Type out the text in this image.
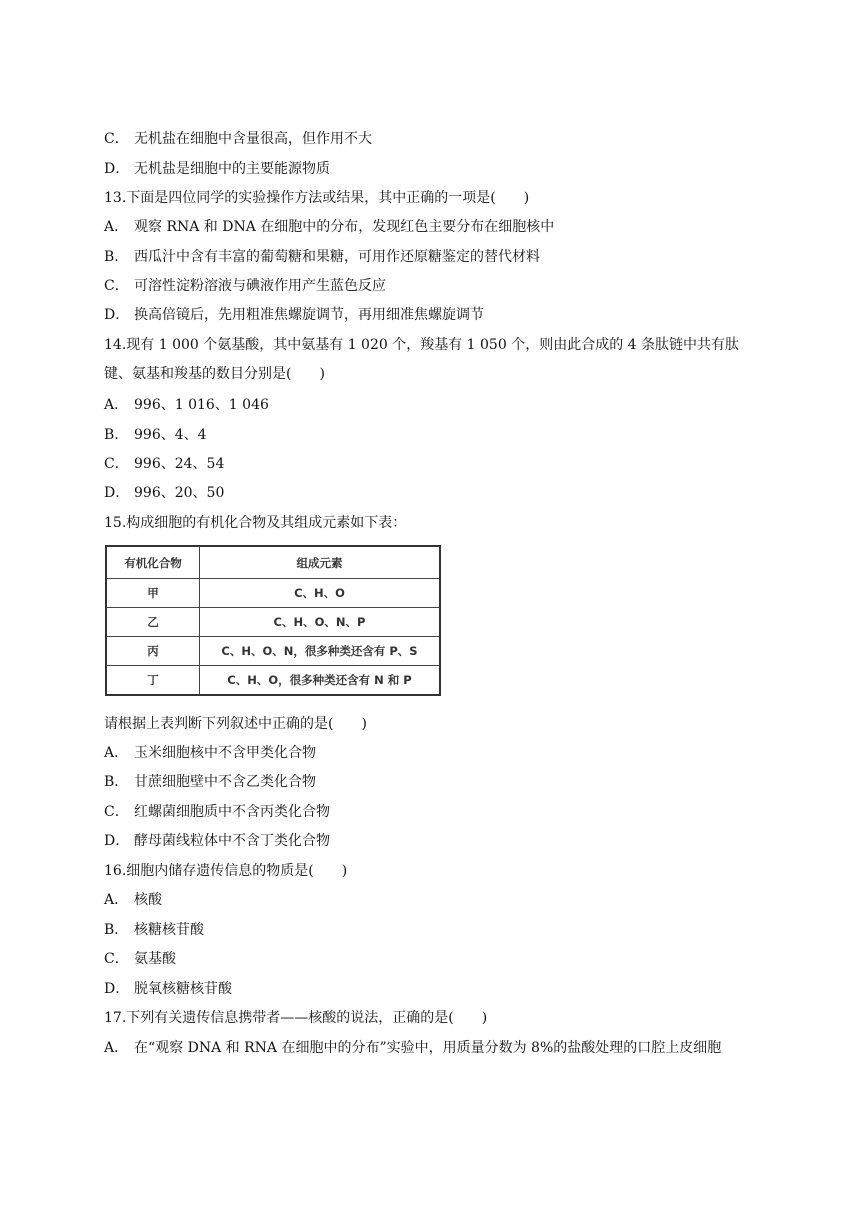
C． 无机盐在细胞中含量很高，但作用不大
D． 无机盐是细胞中的主要能源物质
13.下面是四位同学的实验操作方法或结果，其中正确的一项是(　　)
A． 观察 RNA 和 DNA 在细胞中的分布，发现红色主要分布在细胞核中
B． 西瓜汁中含有丰富的葡萄糖和果糖，可用作还原糖鉴定的替代材料
C． 可溶性淀粉溶液与碘液作用产生蓝色反应
D． 换高倍镜后，先用粗准焦螺旋调节，再用细准焦螺旋调节
14.现有 1 000 个氨基酸，其中氨基有 1 020 个，羧基有 1 050 个，则由此合成的 4 条肽链中共有肽
键、氨基和羧基的数目分别是(　　)
A． 996、1 016、1 046
B． 996、4、4
C． 996、24、54
D． 996、20、50
15.构成细胞的有机化合物及其组成元素如下表：
有机化合物	组成元素
甲	C、H、O
乙	C、H、O、N、P
丙	C、H、O、N，很多种类还含有 P、S
丁	C、H、O，很多种类还含有 N 和 P
请根据上表判断下列叙述中正确的是(　　)
A． 玉米细胞核中不含甲类化合物
B． 甘蔗细胞壁中不含乙类化合物
C． 红螺菌细胞质中不含丙类化合物
D． 酵母菌线粒体中不含丁类化合物
16.细胞内储存遗传信息的物质是(　　)
A． 核酸
B． 核糖核苷酸
C． 氨基酸
D． 脱氧核糖核苷酸
17.下列有关遗传信息携带者——核酸的说法，正确的是(　　)
A． 在“观察 DNA 和 RNA 在细胞中的分布”实验中，用质量分数为 8%的盐酸处理的口腔上皮细胞
